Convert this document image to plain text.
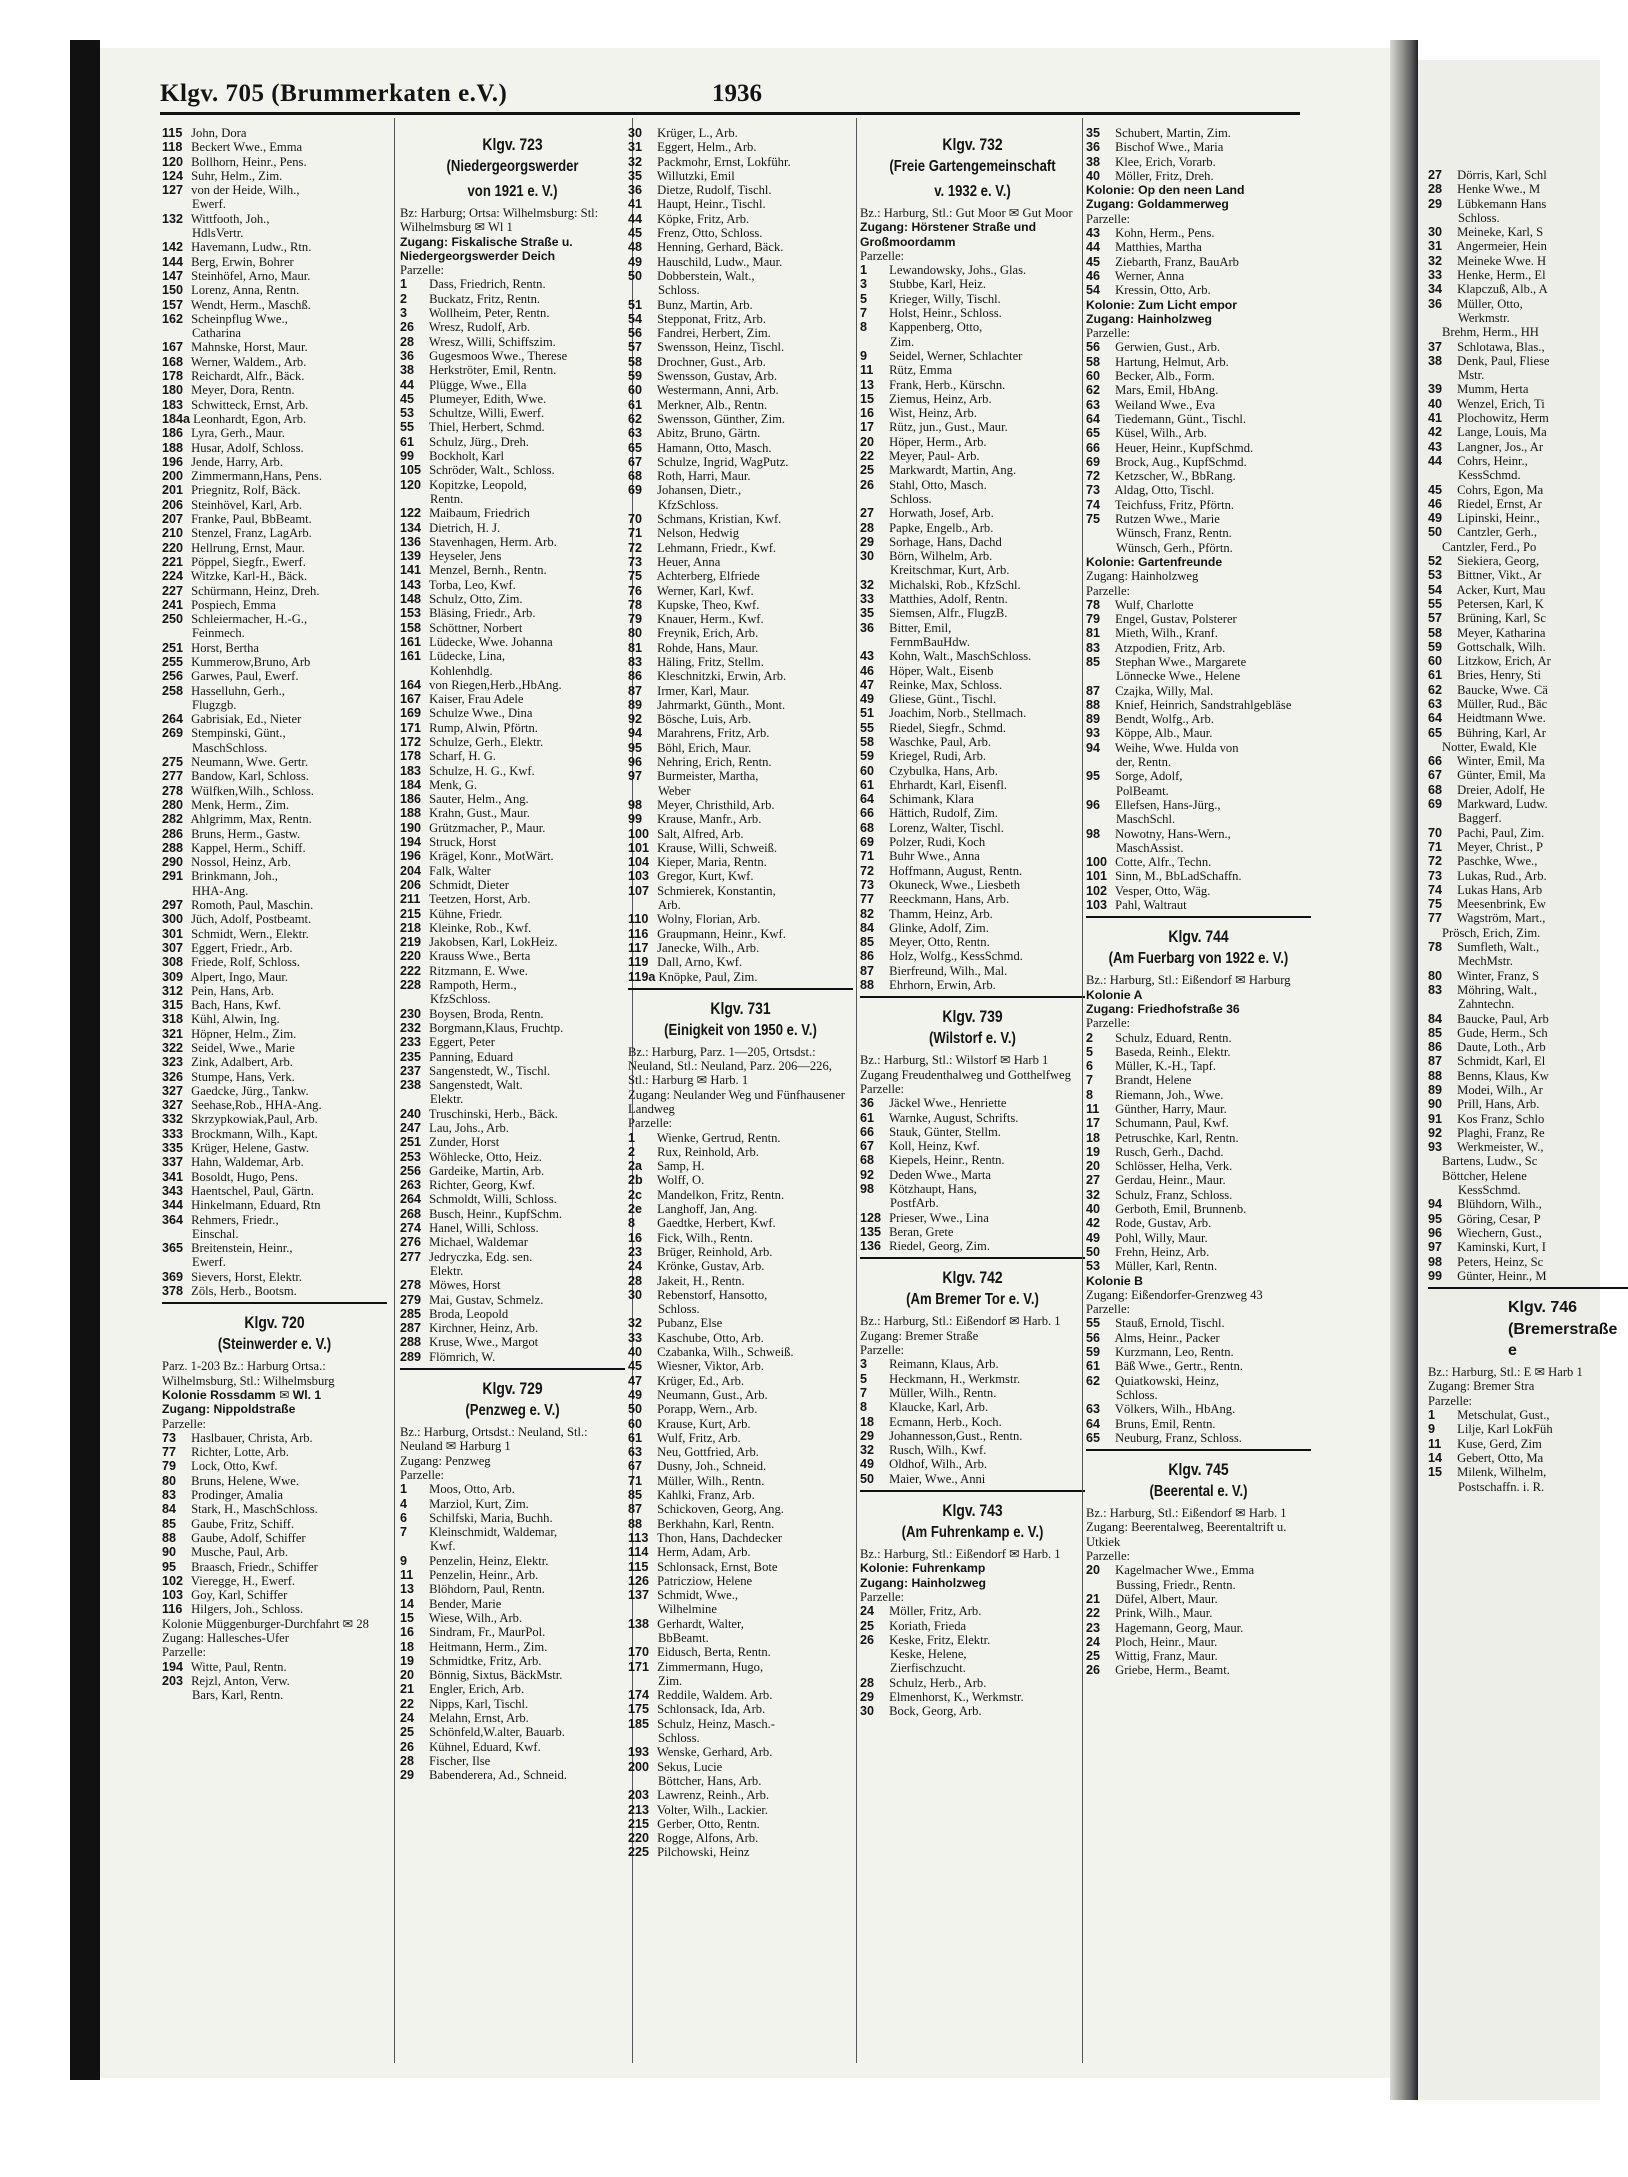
27 Dörris, Karl, Schl
28 Henke Wwe., M
29 Lübkemann Hans
Schloss.
30 Meineke, Karl, S
31 Angermeier, Hein
32 Meineke Wwe. H
33 Henke, Herm., El
34 Klapczuß, Alb., A
36 Müller, Otto,
Werkmstr.
Brehm, Herm., HH
37 Schlotawa, Blas.,
38 Denk, Paul, Fliese
Mstr.
39 Mumm, Herta
40 Wenzel, Erich, Ti
41 Plochowitz, Herm
42 Lange, Louis, Ma
43 Langner, Jos., Ar
44 Cohrs, Heinr.,
KessSchmd.
45 Cohrs, Egon, Ma
46 Riedel, Ernst, Ar
49 Lipinski, Heinr.,
50 Cantzler, Gerh.,
Cantzler, Ferd., Po
52 Siekiera, Georg,
53 Bittner, Vikt., Ar
54 Acker, Kurt, Mau
55 Petersen, Karl, K
57 Brüning, Karl, Sc
58 Meyer, Katharina
59 Gottschalk, Wilh.
60 Litzkow, Erich, Ar
61 Bries, Henry, Sti
62 Baucke, Wwe. Cä
63 Müller, Rud., Bäc
64 Heidtmann Wwe.
65 Bühring, Karl, Ar
Notter, Ewald, Kle
66 Winter, Emil, Ma
67 Günter, Emil, Ma
68 Dreier, Adolf, He
69 Markward, Ludw.
Baggerf.
70 Pachi, Paul, Zim.
71 Meyer, Christ., P
72 Paschke, Wwe.,
73 Lukas, Rud., Arb.
74 Lukas Hans, Arb
75 Meesenbrink, Ew
77 Wagström, Mart.,
Prösch, Erich, Zim.
78 Sumfleth, Walt.,
MechMstr.
80 Winter, Franz, S
83 Möhring, Walt.,
Zahntechn.
84 Baucke, Paul, Arb
85 Gude, Herm., Sch
86 Daute, Loth., Arb
87 Schmidt, Karl, El
88 Benns, Klaus, Kw
89 Modei, Wilh., Ar
90 Prill, Hans, Arb.
91 Kos Franz, Schlo
92 Plaghi, Franz, Re
93 Werkmeister, W.,
Bartens, Ludw., Sc
Böttcher, Helene
KessSchmd.
94 Blühdorn, Wilh.,
95 Göring, Cesar, P
96 Wiechern, Gust.,
97 Kaminski, Kurt, I
98 Peters, Heinz, Sc
99 Günter, Heinr., M
Klgv. 746
(Bremerstraße e
Bz.: Harburg, Stl.: E ✉ Harb 1
Zugang: Bremer Stra
Parzelle:
1 Metschulat, Gust.,
9 Lilje, Karl LokFüh
11 Kuse, Gerd, Zim
14 Gebert, Otto, Ma
15 Milenk, Wilhelm,
Postschaffn. i. R.
Klgv. 705 (Brummerkaten e.V.)	1936
115 John, Dora
118 Beckert Wwe., Emma
120 Bollhorn, Heinr., Pens.
124 Suhr, Helm., Zim.
127 von der Heide, Wilh.,
Ewerf.
132 Wittfooth, Joh.,
HdlsVertr.
142 Havemann, Ludw., Rtn.
144 Berg, Erwin, Bohrer
147 Steinhöfel, Arno, Maur.
150 Lorenz, Anna, Rentn.
157 Wendt, Herm., Maschß.
162 Scheinpflug Wwe.,
Catharina
167 Mahnske, Horst, Maur.
168 Werner, Waldem., Arb.
178 Reichardt, Alfr., Bäck.
180 Meyer, Dora, Rentn.
183 Schwitteck, Ernst, Arb.
184a Leonhardt, Egon, Arb.
186 Lyra, Gerh., Maur.
188 Husar, Adolf, Schloss.
196 Jende, Harry, Arb.
200 Zimmermann,Hans, Pens.
201 Priegnitz, Rolf, Bäck.
206 Steinhövel, Karl, Arb.
207 Franke, Paul, BbBeamt.
210 Stenzel, Franz, LagArb.
220 Hellrung, Ernst, Maur.
221 Pöppel, Siegfr., Ewerf.
224 Witzke, Karl-H., Bäck.
227 Schürmann, Heinz, Dreh.
241 Pospiech, Emma
250 Schleiermacher, H.-G.,
Feinmech.
251 Horst, Bertha
255 Kummerow,Bruno, Arb
256 Garwes, Paul, Ewerf.
258 Hasselluhn, Gerh.,
Flugzgb.
264 Gabrisiak, Ed., Nieter
269 Stempinski, Günt.,
MaschSchloss.
275 Neumann, Wwe. Gertr.
277 Bandow, Karl, Schloss.
278 Wülfken,Wilh., Schloss.
280 Menk, Herm., Zim.
282 Ahlgrimm, Max, Rentn.
286 Bruns, Herm., Gastw.
288 Kappel, Herm., Schiff.
290 Nossol, Heinz, Arb.
291 Brinkmann, Joh.,
HHA-Ang.
297 Romoth, Paul, Maschin.
300 Jüch, Adolf, Postbeamt.
301 Schmidt, Wern., Elektr.
307 Eggert, Friedr., Arb.
308 Friede, Rolf, Schloss.
309 Alpert, Ingo, Maur.
312 Pein, Hans, Arb.
315 Bach, Hans, Kwf.
318 Kühl, Alwin, Ing.
321 Höpner, Helm., Zim.
322 Seidel, Wwe., Marie
323 Zink, Adalbert, Arb.
326 Stumpe, Hans, Verk.
327 Gaedcke, Jürg., Tankw.
327 Seehase,Rob., HHA-Ang.
332 Skrzypkowiak,Paul, Arb.
333 Brockmann, Wilh., Kapt.
335 Krüger, Helene, Gastw.
337 Hahn, Waldemar, Arb.
341 Bosoldt, Hugo, Pens.
343 Haentschel, Paul, Gärtn.
344 Hinkelmann, Eduard, Rtn
364 Rehmers, Friedr.,
Einschal.
365 Breitenstein, Heinr.,
Ewerf.
369 Sievers, Horst, Elektr.
378 Zöls, Herb., Bootsm.
Klgv. 720
(Steinwerder e. V.)
Parz. 1-203 Bz.: Harburg Ortsa.: Wilhelmsburg, Stl.: Wilhelmsburg
Kolonie Rossdamm ✉ Wl. 1
Zugang: Nippoldstraße
Parzelle:
73 Haslbauer, Christa, Arb.
77 Richter, Lotte, Arb.
79 Lock, Otto, Kwf.
80 Bruns, Helene, Wwe.
83 Prodinger, Amalia
84 Stark, H., MaschSchloss.
85 Gaube, Fritz, Schiff.
88 Gaube, Adolf, Schiffer
90 Musche, Paul, Arb.
95 Braasch, Friedr., Schiffer
102 Vieregge, H., Ewerf.
103 Goy, Karl, Schiffer
116 Hilgers, Joh., Schloss.
Kolonie Müggenburger-Durchfahrt ✉ 28
Zugang: Hallesches-Ufer
Parzelle:
194 Witte, Paul, Rentn.
203 Rejzl, Anton, Verw.
Bars, Karl, Rentn.
Klgv. 723
(Niedergeorgswerder
von 1921 e. V.)
Bz: Harburg; Ortsa: Wilhelmsburg: Stl: Wilhelmsburg ✉ Wl 1
Zugang: Fiskalische Straße u. Niedergeorgswerder Deich
Parzelle:
1 Dass, Friedrich, Rentn.
2 Buckatz, Fritz, Rentn.
3 Wollheim, Peter, Rentn.
26 Wresz, Rudolf, Arb.
28 Wresz, Willi, Schiffszim.
36 Gugesmoos Wwe., Therese
38 Herkströter, Emil, Rentn.
44 Plügge, Wwe., Ella
45 Plumeyer, Edith, Wwe.
53 Schultze, Willi, Ewerf.
55 Thiel, Herbert, Schmd.
61 Schulz, Jürg., Dreh.
99 Bockholt, Karl
105 Schröder, Walt., Schloss.
120 Kopitzke, Leopold,
Rentn.
122 Maibaum, Friedrich
134 Dietrich, H. J.
136 Stavenhagen, Herm. Arb.
139 Heyseler, Jens
141 Menzel, Bernh., Rentn.
143 Torba, Leo, Kwf.
148 Schulz, Otto, Zim.
153 Bläsing, Friedr., Arb.
158 Schöttner, Norbert
161 Lüdecke, Wwe. Johanna
161 Lüdecke, Lina,
Kohlenhdlg.
164 von Riegen,Herb.,HbAng.
167 Kaiser, Frau Adele
169 Schulze Wwe., Dina
171 Rump, Alwin, Pförtn.
172 Schulze, Gerh., Elektr.
178 Scharf, H. G.
183 Schulze, H. G., Kwf.
184 Menk, G.
186 Sauter, Helm., Ang.
188 Krahn, Gust., Maur.
190 Grützmacher, P., Maur.
194 Struck, Horst
196 Krägel, Konr., MotWärt.
204 Falk, Walter
206 Schmidt, Dieter
211 Teetzen, Horst, Arb.
215 Kühne, Friedr.
218 Kleinke, Rob., Kwf.
219 Jakobsen, Karl, LokHeiz.
220 Krauss Wwe., Berta
222 Ritzmann, E. Wwe.
228 Rampoth, Herm.,
KfzSchloss.
230 Boysen, Broda, Rentn.
232 Borgmann,Klaus, Fruchtp.
233 Eggert, Peter
235 Panning, Eduard
237 Sangenstedt, W., Tischl.
238 Sangenstedt, Walt.
Elektr.
240 Truschinski, Herb., Bäck.
247 Lau, Johs., Arb.
251 Zunder, Horst
253 Wöhlecke, Otto, Heiz.
256 Gardeike, Martin, Arb.
263 Richter, Georg, Kwf.
264 Schmoldt, Willi, Schloss.
268 Busch, Heinr., KupfSchm.
274 Hanel, Willi, Schloss.
276 Michael, Waldemar
277 Jedryczka, Edg. sen.
Elektr.
278 Möwes, Horst
279 Mai, Gustav, Schmelz.
285 Broda, Leopold
287 Kirchner, Heinz, Arb.
288 Kruse, Wwe., Margot
289 Flömrich, W.
Klgv. 729
(Penzweg e. V.)
Bz.: Harburg, Ortsdst.: Neuland, Stl.: Neuland ✉ Harburg 1
Zugang: Penzweg
Parzelle:
1 Moos, Otto, Arb.
4 Marziol, Kurt, Zim.
6 Schilfski, Maria, Buchh.
7 Kleinschmidt, Waldemar,
Kwf.
9 Penzelin, Heinz, Elektr.
11 Penzelin, Heinr., Arb.
13 Blöhdorn, Paul, Rentn.
14 Bender, Marie
15 Wiese, Wilh., Arb.
16 Sindram, Fr., MaurPol.
18 Heitmann, Herm., Zim.
19 Schmidtke, Fritz, Arb.
20 Bönnig, Sixtus, BäckMstr.
21 Engler, Erich, Arb.
22 Nipps, Karl, Tischl.
24 Melahn, Ernst, Arb.
25 Schönfeld,W.alter, Bauarb.
26 Kühnel, Eduard, Kwf.
28 Fischer, Ilse
29 Babenderera, Ad., Schneid.
30 Krüger, L., Arb.
31 Eggert, Helm., Arb.
32 Packmohr, Ernst, Lokführ.
35 Willutzki, Emil
36 Dietze, Rudolf, Tischl.
41 Haupt, Heinr., Tischl.
44 Köpke, Fritz, Arb.
45 Frenz, Otto, Schloss.
48 Henning, Gerhard, Bäck.
49 Hauschild, Ludw., Maur.
50 Dobberstein, Walt.,
Schloss.
51 Bunz, Martin, Arb.
54 Stepponat, Fritz, Arb.
56 Fandrei, Herbert, Zim.
57 Swensson, Heinz, Tischl.
58 Drochner, Gust., Arb.
59 Swensson, Gustav, Arb.
60 Westermann, Anni, Arb.
61 Merkner, Alb., Rentn.
62 Swensson, Günther, Zim.
63 Abitz, Bruno, Gärtn.
65 Hamann, Otto, Masch.
67 Schulze, Ingrid, WagPutz.
68 Roth, Harri, Maur.
69 Johansen, Dietr.,
KfzSchloss.
70 Schmans, Kristian, Kwf.
71 Nelson, Hedwig
72 Lehmann, Friedr., Kwf.
73 Heuer, Anna
75 Achterberg, Elfriede
76 Werner, Karl, Kwf.
78 Kupske, Theo, Kwf.
79 Knauer, Herm., Kwf.
80 Freynik, Erich, Arb.
81 Rohde, Hans, Maur.
83 Häling, Fritz, Stellm.
86 Kleschnitzki, Erwin, Arb.
87 Irmer, Karl, Maur.
89 Jahrmarkt, Günth., Mont.
92 Bösche, Luis, Arb.
94 Marahrens, Fritz, Arb.
95 Böhl, Erich, Maur.
96 Nehring, Erich, Rentn.
97 Burmeister, Martha,
Weber
98 Meyer, Christhild, Arb.
99 Krause, Manfr., Arb.
100 Salt, Alfred, Arb.
101 Krause, Willi, Schweiß.
104 Kieper, Maria, Rentn.
103 Gregor, Kurt, Kwf.
107 Schmierek, Konstantin,
Arb.
110 Wolny, Florian, Arb.
116 Graupmann, Heinr., Kwf.
117 Janecke, Wilh., Arb.
119 Dall, Arno, Kwf.
119a Knöpke, Paul, Zim.
Klgv. 731
(Einigkeit von 1950 e. V.)
Bz.: Harburg, Parz. 1—205, Ortsdst.: Neuland, Stl.: Neuland, Parz. 206—226, Stl.: Harburg ✉ Harb. 1
Zugang: Neulander Weg und Fünfhausener Landweg
Parzelle:
1 Wienke, Gertrud, Rentn.
2 Rux, Reinhold, Arb.
2a Samp, H.
2b Wolff, O.
2c Mandelkon, Fritz, Rentn.
2e Langhoff, Jan, Ang.
8 Gaedtke, Herbert, Kwf.
16 Fick, Wilh., Rentn.
23 Brüger, Reinhold, Arb.
24 Krönke, Gustav, Arb.
28 Jakeit, H., Rentn.
30 Rebenstorf, Hansotto,
Schloss.
32 Pubanz, Else
33 Kaschube, Otto, Arb.
40 Czabanka, Wilh., Schweiß.
45 Wiesner, Viktor, Arb.
47 Krüger, Ed., Arb.
49 Neumann, Gust., Arb.
50 Porapp, Wern., Arb.
60 Krause, Kurt, Arb.
61 Wulf, Fritz, Arb.
63 Neu, Gottfried, Arb.
67 Dusny, Joh., Schneid.
71 Müller, Wilh., Rentn.
85 Kahlki, Franz, Arb.
87 Schickoven, Georg, Ang.
88 Berkhahn, Karl, Rentn.
113 Thon, Hans, Dachdecker
114 Herm, Adam, Arb.
115 Schlonsack, Ernst, Bote
126 Patricziow, Helene
137 Schmidt, Wwe.,
Wilhelmine
138 Gerhardt, Walter,
BbBeamt.
170 Eidusch, Berta, Rentn.
171 Zimmermann, Hugo,
Zim.
174 Reddile, Waldem. Arb.
175 Schlonsack, Ida, Arb.
185 Schulz, Heinz, Masch.-
Schloss.
193 Wenske, Gerhard, Arb.
200 Sekus, Lucie
Böttcher, Hans, Arb.
203 Lawrenz, Reinh., Arb.
213 Volter, Wilh., Lackier.
215 Gerber, Otto, Rentn.
220 Rogge, Alfons, Arb.
225 Pilchowski, Heinz
Klgv. 732
(Freie Gartengemeinschaft
v. 1932 e. V.)
Bz.: Harburg, Stl.: Gut Moor ✉ Gut Moor
Zugang: Hörstener Straße und Großmoordamm
Parzelle:
1 Lewandowsky, Johs., Glas.
3 Stubbe, Karl, Heiz.
5 Krieger, Willy, Tischl.
7 Holst, Heinr., Schloss.
8 Kappenberg, Otto,
Zim.
9 Seidel, Werner, Schlachter
11 Rütz, Emma
13 Frank, Herb., Kürschn.
15 Ziemus, Heinz, Arb.
16 Wist, Heinz, Arb.
17 Rütz, jun., Gust., Maur.
20 Höper, Herm., Arb.
22 Meyer, Paul- Arb.
25 Markwardt, Martin, Ang.
26 Stahl, Otto, Masch.
Schloss.
27 Horwath, Josef, Arb.
28 Papke, Engelb., Arb.
29 Sorhage, Hans, Dachd
30 Börn, Wilhelm, Arb.
Kreitschmar, Kurt, Arb.
32 Michalski, Rob., KfzSchl.
33 Matthies, Adolf, Rentn.
35 Siemsen, Alfr., FlugzB.
36 Bitter, Emil,
FernmBauHdw.
43 Kohn, Walt., MaschSchloss.
46 Höper, Walt., Eisenb
47 Reinke, Max, Schloss.
49 Gliese, Günt., Tischl.
51 Joachim, Norb., Stellmach.
55 Riedel, Siegfr., Schmd.
58 Waschke, Paul, Arb.
59 Kriegel, Rudi, Arb.
60 Czybulka, Hans, Arb.
61 Ehrhardt, Karl, Eisenfl.
64 Schimank, Klara
66 Hättich, Rudolf, Zim.
68 Lorenz, Walter, Tischl.
69 Polzer, Rudi, Koch
71 Buhr Wwe., Anna
72 Hoffmann, August, Rentn.
73 Okuneck, Wwe., Liesbeth
77 Reeckmann, Hans, Arb.
82 Thamm, Heinz, Arb.
84 Glinke, Adolf, Zim.
85 Meyer, Otto, Rentn.
86 Holz, Wolfg., KessSchmd.
87 Bierfreund, Wilh., Mal.
88 Ehrhorn, Erwin, Arb.
Klgv. 739
(Wilstorf e. V.)
Bz.: Harburg, Stl.: Wilstorf ✉ Harb 1
Zugang Freudenthalweg und Gotthelfweg
Parzelle:
36 Jäckel Wwe., Henriette
61 Warnke, August, Schrifts.
66 Stauk, Günter, Stellm.
67 Koll, Heinz, Kwf.
68 Kiepels, Heinr., Rentn.
92 Deden Wwe., Marta
98 Kötzhaupt, Hans,
PostfArb.
128 Prieser, Wwe., Lina
135 Beran, Grete
136 Riedel, Georg, Zim.
Klgv. 742
(Am Bremer Tor e. V.)
Bz.: Harburg, Stl.: Eißendorf ✉ Harb. 1
Zugang: Bremer Straße
Parzelle:
3 Reimann, Klaus, Arb.
5 Heckmann, H., Werkmstr.
7 Müller, Wilh., Rentn.
8 Klaucke, Karl, Arb.
18 Ecmann, Herb., Koch.
29 Johannesson,Gust., Rentn.
32 Rusch, Wilh., Kwf.
49 Oldhof, Wilh., Arb.
50 Maier, Wwe., Anni
Klgv. 743
(Am Fuhrenkamp e. V.)
Bz.: Harburg, Stl.: Eißendorf ✉ Harb. 1
Kolonie: Fuhrenkamp
Zugang: Hainholzweg
Parzelle:
24 Möller, Fritz, Arb.
25 Koriath, Frieda
26 Keske, Fritz, Elektr.
Keske, Helene,
Zierfischzucht.
28 Schulz, Herb., Arb.
29 Elmenhorst, K., Werkmstr.
30 Bock, Georg, Arb.
35 Schubert, Martin, Zim.
36 Bischof Wwe., Maria
38 Klee, Erich, Vorarb.
40 Möller, Fritz, Dreh.
Kolonie: Op den neen Land
Zugang: Goldammerweg
Parzelle:
43 Kohn, Herm., Pens.
44 Matthies, Martha
45 Ziebarth, Franz, BauArb
46 Werner, Anna
54 Kressin, Otto, Arb.
Kolonie: Zum Licht empor
Zugang: Hainholzweg
Parzelle:
56 Gerwien, Gust., Arb.
58 Hartung, Helmut, Arb.
60 Becker, Alb., Form.
62 Mars, Emil, HbAng.
63 Weiland Wwe., Eva
64 Tiedemann, Günt., Tischl.
65 Küsel, Wilh., Arb.
66 Heuer, Heinr., KupfSchmd.
69 Brock, Aug., KupfSchmd.
72 Ketzscher, W., BbRang.
73 Aldag, Otto, Tischl.
74 Teichfuss, Fritz, Pförtn.
75 Rutzen Wwe., Marie
Wünsch, Franz, Rentn.
Wünsch, Gerh., Pförtn.
Kolonie: Gartenfreunde
Zugang: Hainholzweg
Parzelle:
78 Wulf, Charlotte
79 Engel, Gustav, Polsterer
81 Mieth, Wilh., Kranf.
83 Atzpodien, Fritz, Arb.
85 Stephan Wwe., Margarete
Lönnecke Wwe., Helene
87 Czajka, Willy, Mal.
88 Knief, Heinrich, Sandstrahlgebläse
89 Bendt, Wolfg., Arb.
93 Köppe, Alb., Maur.
94 Weihe, Wwe. Hulda von
der, Rentn.
95 Sorge, Adolf,
PolBeamt.
96 Ellefsen, Hans-Jürg.,
MaschSchl.
98 Nowotny, Hans-Wern.,
MaschAssist.
100 Cotte, Alfr., Techn.
101 Sinn, M., BbLadSchaffn.
102 Vesper, Otto, Wäg.
103 Pahl, Waltraut
Klgv. 744
(Am Fuerbarg von 1922 e. V.)
Bz.: Harburg, Stl.: Eißendorf ✉ Harburg
Kolonie A
Zugang: Friedhofstraße 36
Parzelle:
2 Schulz, Eduard, Rentn.
5 Baseda, Reinh., Elektr.
6 Müller, K.-H., Tapf.
7 Brandt, Helene
8 Riemann, Joh., Wwe.
11 Günther, Harry, Maur.
17 Schumann, Paul, Kwf.
18 Petruschke, Karl, Rentn.
19 Rusch, Gerh., Dachd.
20 Schlösser, Helha, Verk.
27 Gerdau, Heinr., Maur.
32 Schulz, Franz, Schloss.
40 Gerboth, Emil, Brunnenb.
42 Rode, Gustav, Arb.
49 Pohl, Willy, Maur.
50 Frehn, Heinz, Arb.
53 Müller, Karl, Rentn.
Kolonie B
Zugang: Eißendorfer-Grenzweg 43
Parzelle:
55 Stauß, Ernold, Tischl.
56 Alms, Heinr., Packer
59 Kurzmann, Leo, Rentn.
61 Bäß Wwe., Gertr., Rentn.
62 Quiatkowski, Heinz,
Schloss.
63 Völkers, Wilh., HbAng.
64 Bruns, Emil, Rentn.
65 Neuburg, Franz, Schloss.
Klgv. 745
(Beerental e. V.)
Bz.: Harburg, Stl.: Eißendorf ✉ Harb. 1
Zugang: Beerentalweg, Beerentaltrift u. Utkiek
Parzelle:
20 Kagelmacher Wwe., Emma
Bussing, Friedr., Rentn.
21 Düfel, Albert, Maur.
22 Prink, Wilh., Maur.
23 Hagemann, Georg, Maur.
24 Ploch, Heinr., Maur.
25 Wittig, Franz, Maur.
26 Griebe, Herm., Beamt.
